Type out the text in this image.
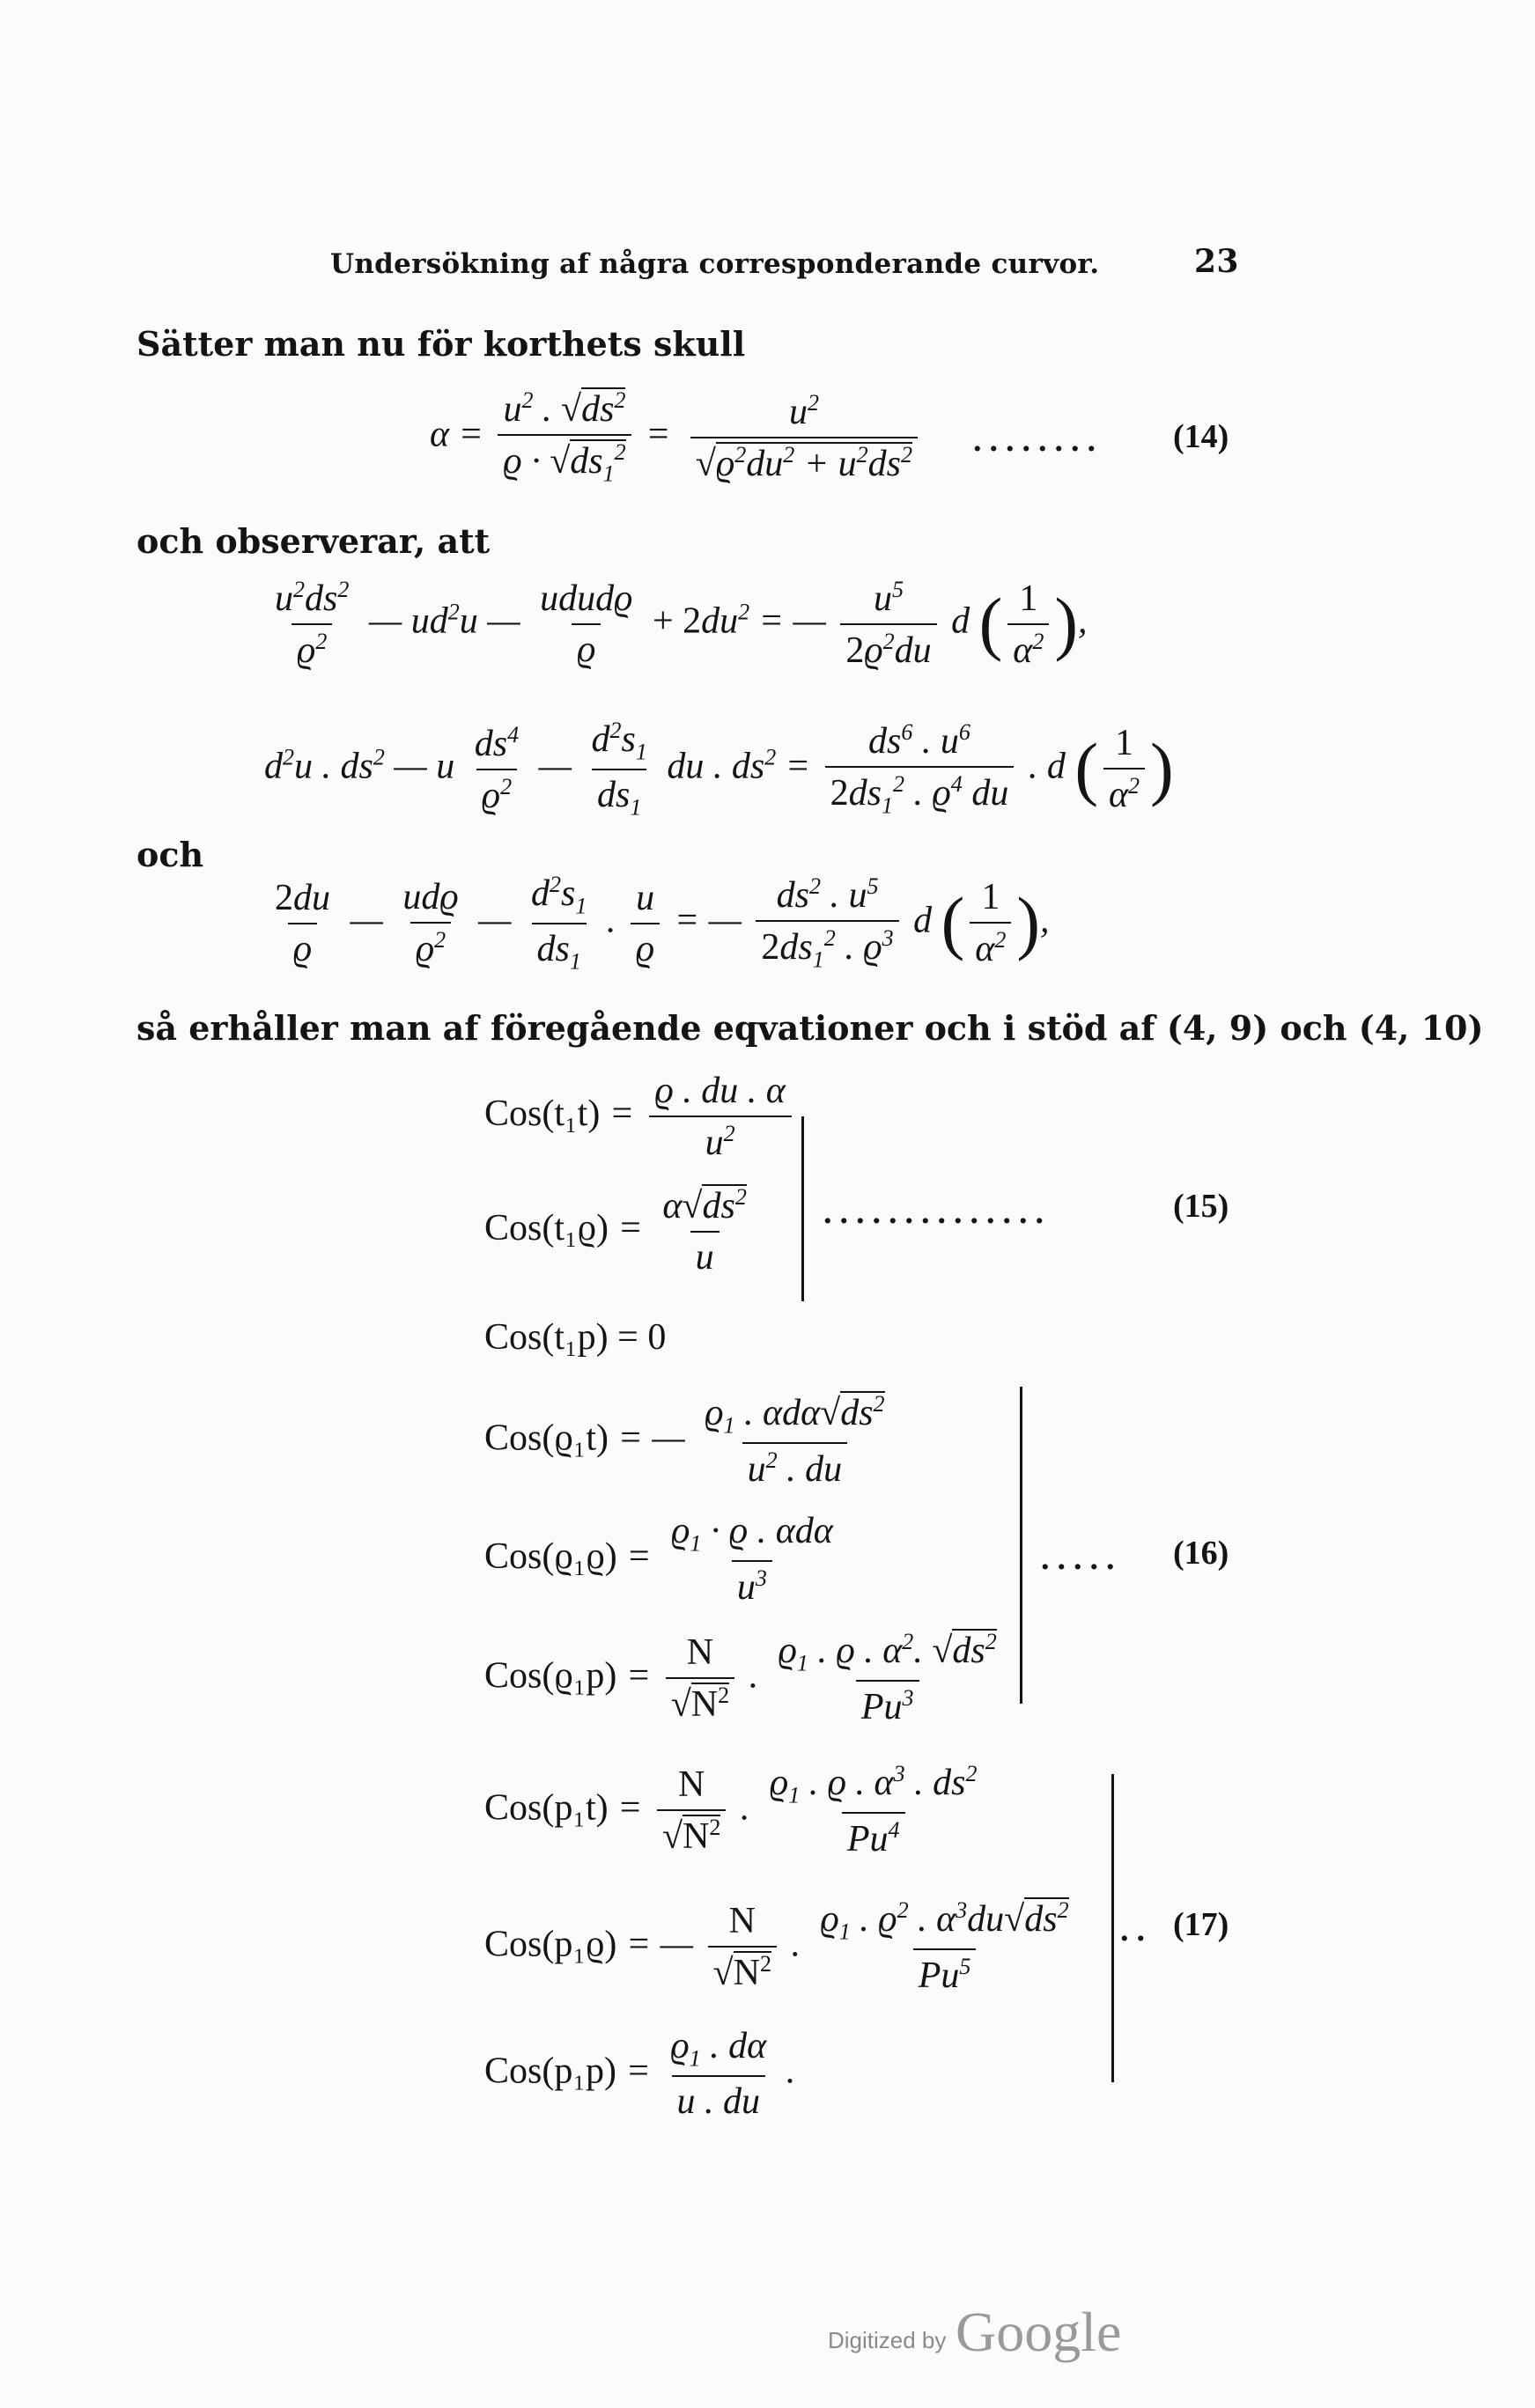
Undersökning af några corresponderande curvor.	23
Sätter man nu för korthets skull
$\alpha = \frac{u^2 . √ds^2}{ϱ \cdot √ds_1^2} = \frac{u^2}{√ϱ^2du^2 + u^2ds^2}$ ........ (14)
och observerar, att
$\frac{u^2ds^2}{ϱ^2}$ — $ud^2u$ — $\frac{\text{ududϱ}}{ϱ} + 2du^2$ = — $\frac{u^5}{2ϱ^2du}$ d ( $\frac{1}{\alpha^2}$ ),
$d^2u$ . $ds^2$ — u $\frac{ds^4}{ϱ^2}$ — $\frac{d^2s_1}{ds_1}$ du . $ds^2 = \frac{ds^6 . u^6}{2ds_1^2 . ϱ^4 du}$ . d ( $\frac{1}{\alpha^2}$ )
och
$\frac{2du}{ϱ}$ — $\frac{\text{udϱ}}{ϱ^2}$ — $\frac{d^2s_1}{ds_1}$ . $\frac{u}{ϱ}$ = — $\frac{ds^2 . u^5}{2ds_1^2 . ϱ^3}$ d ( $\frac{1}{\alpha^2}$ ),
så erhåller man af föregående eqvationer och i stöd af (4, 9) och (4, 10)
$Cos(t_1t) = \frac{ϱ . du . \alpha}{u^2}$
$Cos(t_1ϱ) = \frac{\alpha√ds^2}{u}$ ..............	(15)
Cos(t₁p) = 0
Cos(ϱ₁t) = — $\frac{ϱ_1 . \alpha d\alpha√ds^2}{u^2 . du}$
$Cos(ϱ_1ϱ) = \frac{ϱ_1 \cdot ϱ . \alpha d\alpha}{u^3}$
$Cos(ϱ_1p) = \frac{N}{√N^2}$ . $\frac{ϱ_1 . ϱ . \alpha^2. √ds^2}{Pu^3}$
..... (16)
$Cos(p_1t) = \frac{N}{√N^2}$ . $\frac{ϱ_1 . ϱ . \alpha^3 . ds^2}{Pu^4}$
Cos(p₁ϱ) = — $\frac{N}{√N^2}$ . $\frac{ϱ_1 . ϱ^2 . \alpha^3du√ds^2}{Pu^5}$
$Cos(p_1p) = \frac{ϱ_1 . d\alpha}{u . du}$ .
.. (17)
Digitized by Google
